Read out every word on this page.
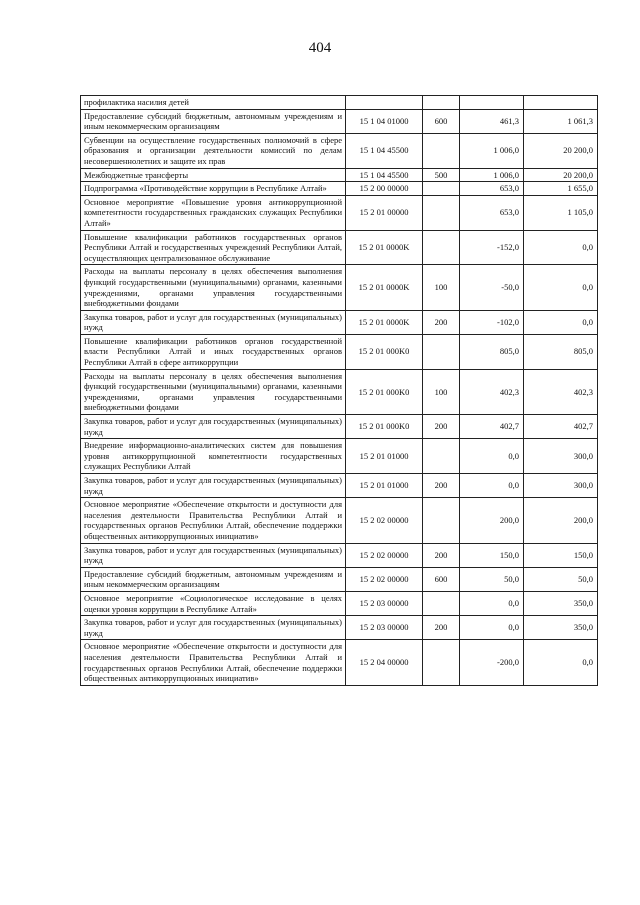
404
профилактика насилия детей				
Предоставление субсидий бюджетным, автономным учреждениям и иным некоммерческим организациям	15 1 04 01000	600	461,3	1 061,3
Субвенции на осуществление государственных полномочий в сфере образования и организации деятельности комиссий по делам несовершеннолетних и защите их прав	15 1 04 45500		1 006,0	20 200,0
Межбюджетные трансферты	15 1 04 45500	500	1 006,0	20 200,0
Подпрограмма «Противодействие коррупции в Республике Алтай»	15 2 00 00000		653,0	1 655,0
Основное мероприятие «Повышение уровня антикоррупционной компетентности государственных гражданских служащих Республики Алтай»	15 2 01 00000		653,0	1 105,0
Повышение квалификации работников государственных органов Республики Алтай и государственных учреждений Республики Алтай, осуществляющих централизованное обслуживание	15 2 01 0000K		-152,0	0,0
Расходы на выплаты персоналу в целях обеспечения выполнения функций государственными (муниципальными) органами, казенными учреждениями, органами управления государственными внебюджетными фондами	15 2 01 0000K	100	-50,0	0,0
Закупка товаров, работ и услуг для государственных (муниципальных) нужд	15 2 01 0000K	200	-102,0	0,0
Повышение квалификации работников органов государственной власти Республики Алтай и иных государственных органов Республики Алтай в сфере антикоррупции	15 2 01 000K0		805,0	805,0
Расходы на выплаты персоналу в целях обеспечения выполнения функций государственными (муниципальными) органами, казенными учреждениями, органами управления государственными внебюджетными фондами	15 2 01 000K0	100	402,3	402,3
Закупка товаров, работ и услуг для государственных (муниципальных) нужд	15 2 01 000K0	200	402,7	402,7
Внедрение информационно-аналитических систем для повышения уровня антикоррупционной компетентности государственных служащих Республики Алтай	15 2 01 01000		0,0	300,0
Закупка товаров, работ и услуг для государственных (муниципальных) нужд	15 2 01 01000	200	0,0	300,0
Основное мероприятие «Обеспечение открытости и доступности для населения деятельности Правительства Республики Алтай и государственных органов Республики Алтай, обеспечение поддержки общественных антикоррупционных инициатив»	15 2 02 00000		200,0	200,0
Закупка товаров, работ и услуг для государственных (муниципальных) нужд	15 2 02 00000	200	150,0	150,0
Предоставление субсидий бюджетным, автономным учреждениям и иным некоммерческим организациям	15 2 02 00000	600	50,0	50,0
Основное мероприятие «Социологическое исследование в целях оценки уровня коррупции в Республике Алтай»	15 2 03 00000		0,0	350,0
Закупка товаров, работ и услуг для государственных (муниципальных) нужд	15 2 03 00000	200	0,0	350,0
Основное мероприятие «Обеспечение открытости и доступности для населения деятельности Правительства Республики Алтай и государственных органов Республики Алтай, обеспечение поддержки общественных антикоррупционных инициатив»	15 2 04 00000		-200,0	0,0
